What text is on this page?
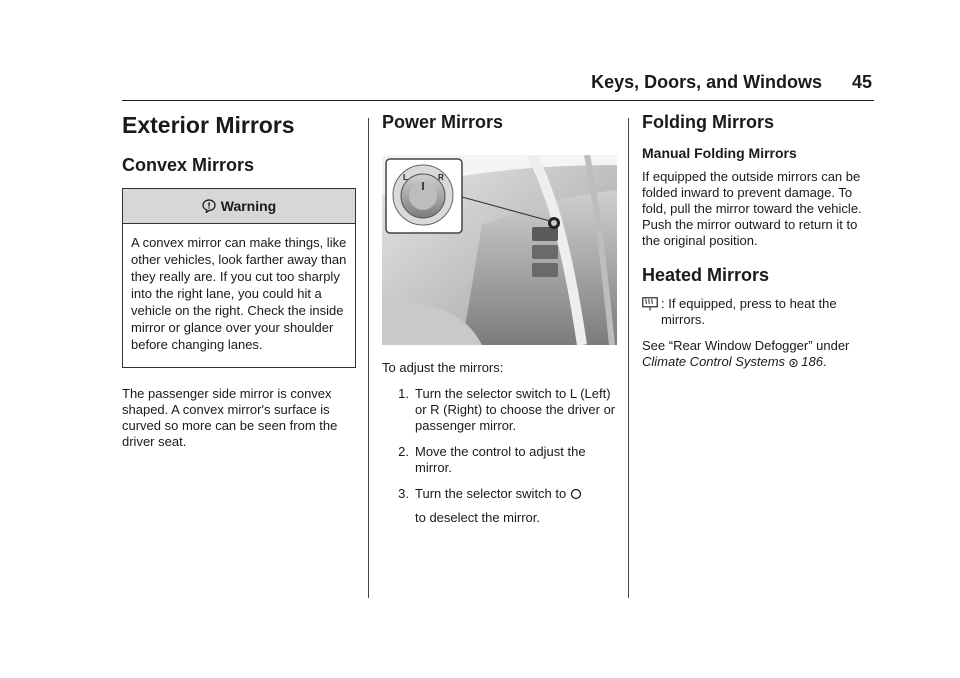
Keys, Doors, and Windows 45
Exterior Mirrors
Convex Mirrors
Warning

A convex mirror can make things, like other vehicles, look farther away than they really are. If you cut too sharply into the right lane, you could hit a vehicle on the right. Check the inside mirror or glance over your shoulder before changing lanes.

The passenger side mirror is convex shaped. A convex mirror's surface is curved so more can be seen from the driver seat.

Power Mirrors
L	R

To adjust the mirrors:

1. Turn the selector switch to L (Left) or R (Right) to choose the driver or passenger mirror.
2. Move the control to adjust the mirror.
3. Turn the selector switch to
to deselect the mirror.
Folding Mirrors
Manual Folding Mirrors

If equipped the outside mirrors can be folded inward to prevent damage. To fold, pull the mirror toward the vehicle. Push the mirror outward to return it to the original position.

Heated Mirrors
: If equipped, press to heat the mirrors.

See “Rear Window Defogger” under
Climate Control Systems 186.
